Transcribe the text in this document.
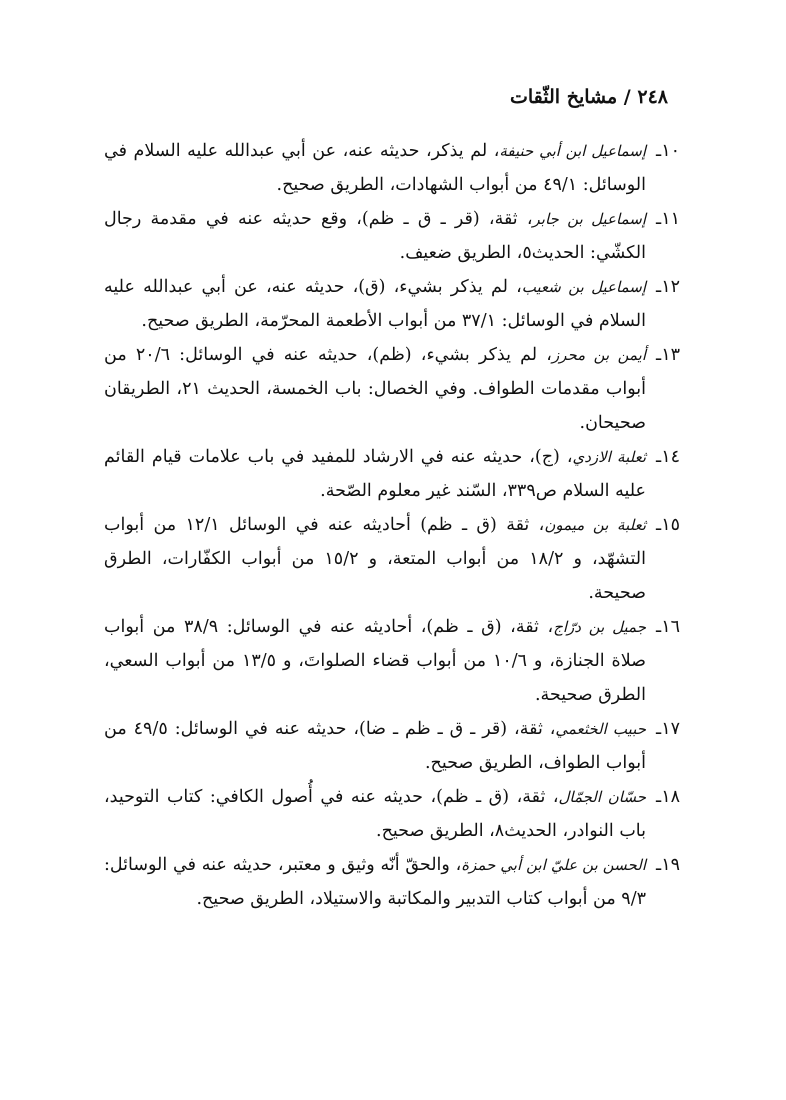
٢٤٨ / مشايخ الثّقات

١٠ـ
إسماعيل ابن أبي حنيفة، لم يذكر، حديثه عنه، عن أبي عبدالله عليه السلام في الوسائل: ٤٩/١ من أبواب الشهادات، الطريق صحيح.

١١ـ
إسماعيل بن جابر، ثقة، (قر ـ ق ـ ظم)، وقع حديثه عنه في مقدمة رجال الكشّي: الحديث٥، الطريق ضعيف.

١٢ـ
إسماعيل بن شعيب، لم يذكر بشيء، (ق)، حديثه عنه، عن أبي عبدالله عليه السلام في الوسائل: ٣٧/١ من أبواب الأطعمة المحرّمة، الطريق صحيح.

١٣ـ
أيمن بن محرز، لم يذكر بشيء، (ظم)، حديثه عنه في الوسائل: ٢٠/٦ من أبواب مقدمات الطواف. وفي الخصال: باب الخمسة، الحديث ٢١، الطريقان صحيحان.

١٤ـ
ثعلبة الازدي، (ج)، حديثه عنه في الارشاد للمفيد في باب علامات قيام القائم عليه السلام ص٣٣٩، السّند غير معلوم الصّحة.

١٥ـ
ثعلبة بن ميمون، ثقة (ق ـ ظم) أحاديثه عنه في الوسائل ١٢/١ من أبواب التشهّد، و ١٨/٢ من أبواب المتعة، و ١٥/٢ من أبواب الكفّارات، الطرق صحيحة.

١٦ـ
جميل بن درّاج، ثقة، (ق ـ ظم)، أحاديثه عنه في الوسائل: ٣٨/٩ من أبواب صلاة الجنازة، و ١٠/٦ من أبواب قضاء الصلواتَ، و ١٣/٥ من أبواب السعي، الطرق صحيحة.

١٧ـ
حبيب الخثعمي، ثقة، (قر ـ ق ـ ظم ـ ضا)، حديثه عنه في الوسائل: ٤٩/٥ من أبواب الطواف، الطريق صحيح.

١٨ـ
حسّان الجمّال، ثقة، (ق ـ ظم)، حديثه عنه في أُصول الكافي: كتاب التوحيد، باب النوادر، الحديث٨، الطريق صحيح.

١٩ـ
الحسن بن عليّ ابن أبي حمزة، والحقّ أنّه وثيق و معتبر، حديثه عنه في الوسائل: ٩/٣ من أبواب كتاب التدبير والمكاتبة والاستيلاد، الطريق صحيح.
